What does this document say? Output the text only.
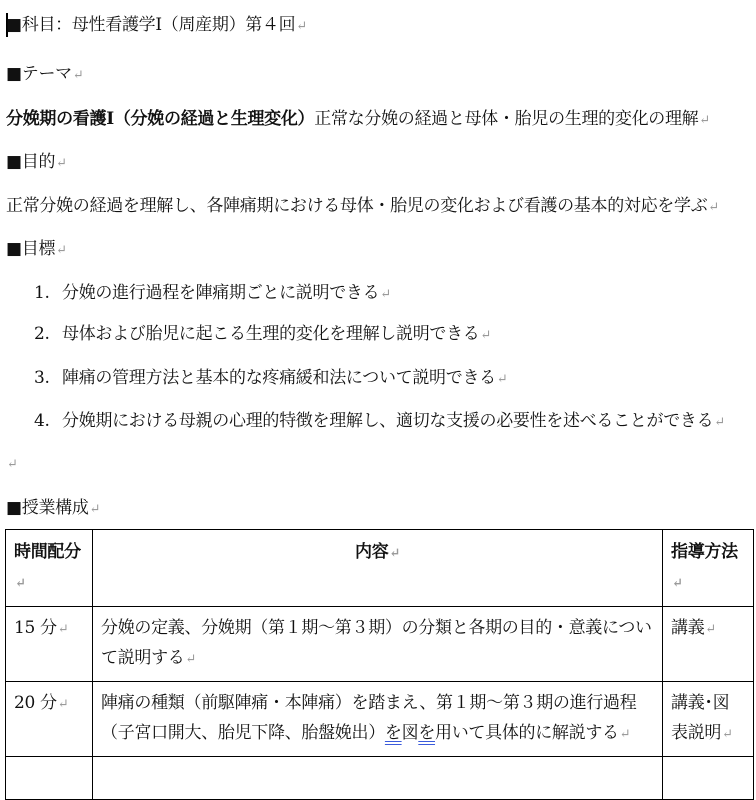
■科目：母性看護学Ⅰ（周産期）第４回↵
■テーマ↵
分娩期の看護Ⅰ（分娩の経過と生理変化）正常な分娩の経過と母体・胎児の生理的変化の理解↵
■目的↵
正常分娩の経過を理解し、各陣痛期における母体・胎児の変化および看護の基本的対応を学ぶ↵
■目標↵
1. 分娩の進行過程を陣痛期ごとに説明できる↵
2. 母体および胎児に起こる生理的変化を理解し説明できる↵
3. 陣痛の管理方法と基本的な疼痛緩和法について説明できる↵
4. 分娩期における母親の心理的特徴を理解し、適切な支援の必要性を述べることができる↵
↵
■授業構成↵
時間配分↵	内容↵	指導方法↵
15 分↵	分娩の定義、分娩期（第１期〜第３期）の分類と各期の目的・意義について説明する↵	講義↵
20 分↵	陣痛の種類（前駆陣痛・本陣痛）を踏まえ、第１期〜第３期の進行過程（子宮口開大、胎児下降、胎盤娩出）を図を用いて具体的に解説する↵	講義･図表説明↵
